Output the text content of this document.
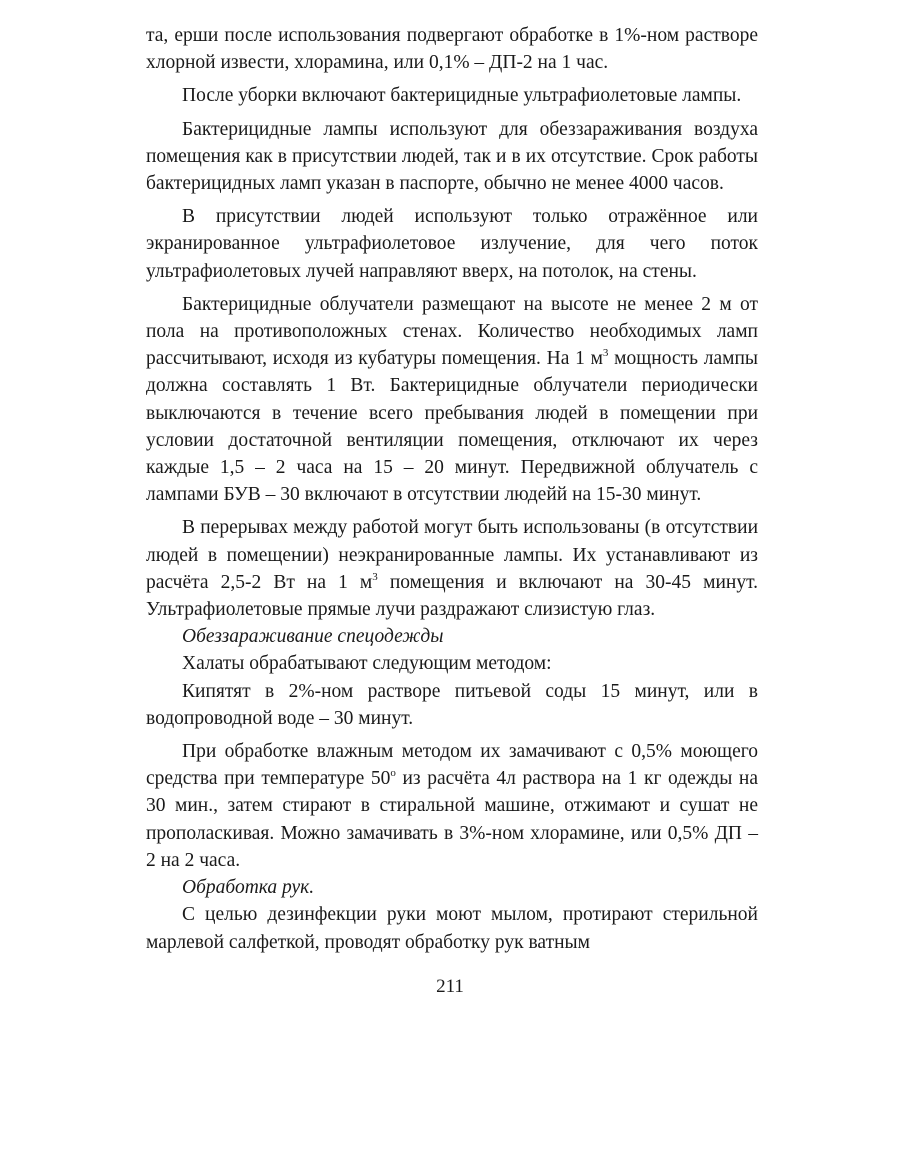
та, ерши после использования подвергают обработке в 1%-ном растворе хлорной извести, хлорамина, или 0,1% – ДП-2 на 1 час.

После уборки включают бактерицидные ультрафиолетовые лампы.

Бактерицидные лампы используют для обеззараживания воздуха помещения как в присутствии людей, так и в их отсутствие. Срок работы бактерицидных ламп указан в паспорте, обычно не менее 4000 часов.

В присутствии людей используют только отражённое или экранированное ультрафиолетовое излучение, для чего поток ультрафиолетовых лучей направляют вверх, на потолок, на стены.

Бактерицидные облучатели размещают на высоте не менее 2 м от пола на противоположных стенах. Количество необходимых ламп рассчитывают, исходя из кубатуры помещения. На 1 $м^3$ мощность лампы должна составлять 1 Вт. Бактерицидные облучатели периодически выключаются в течение всего пребывания людей в помещении при условии достаточной вентиляции помещения, отключают их через каждые 1,5 – 2 часа на 15 – 20 минут. Передвижной облучатель с лампами БУВ – 30 включают в отсутствии людейй на 15-30 минут.

В перерывах между работой могут быть использованы (в отсутствии людей в помещении) неэкранированные лампы. Их устанавливают из расчёта 2,5-2 Вт на 1 $м^3$ помещения и включают на 30-45 минут. Ультрафиолетовые прямые лучи раздражают слизистую глаз.

Обеззараживание спецодежды

Халаты обрабатывают следующим методом:

Кипятят в 2%-ном растворе питьевой соды 15 минут, или в водопроводной воде – 30 минут.

При обработке влажным методом их замачивают с 0,5% моющего средства при температуре 50$^o$ из расчёта 4л раствора на 1 кг одежды на 30 мин., затем стирают в стиральной машине, отжимают и сушат не прополаскивая. Можно замачивать в 3%-ном хлорамине, или 0,5% ДП – 2 на 2 часа.

Обработка рук.

С целью дезинфекции руки моют мылом, протирают стерильной марлевой салфеткой, проводят обработку рук ватным

211
